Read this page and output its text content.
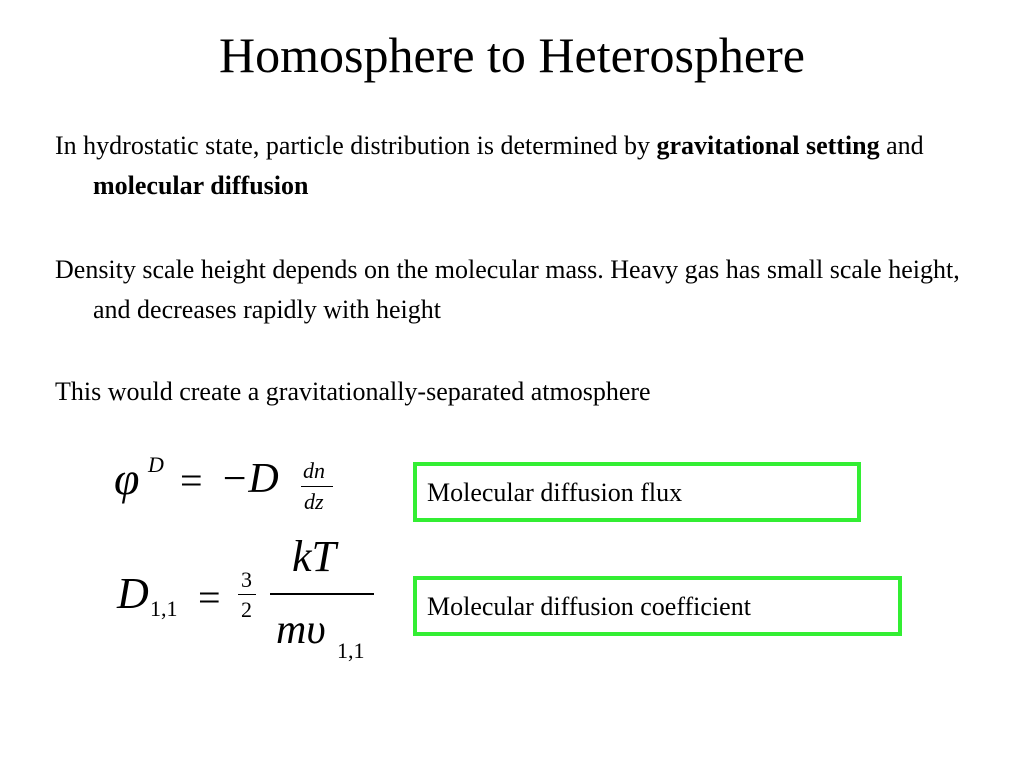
Homosphere to Heterosphere
In hydrostatic state, particle distribution is determined by gravitational setting and molecular diffusion
Density scale height depends on the molecular mass. Heavy gas has small scale height, and decreases rapidly with height
This would create a gravitationally-separated atmosphere
φ D = −D dn
dz
D 1,1 = 3
2
kT
mυ 1,1
Molecular diffusion flux
Molecular diffusion coefficient
